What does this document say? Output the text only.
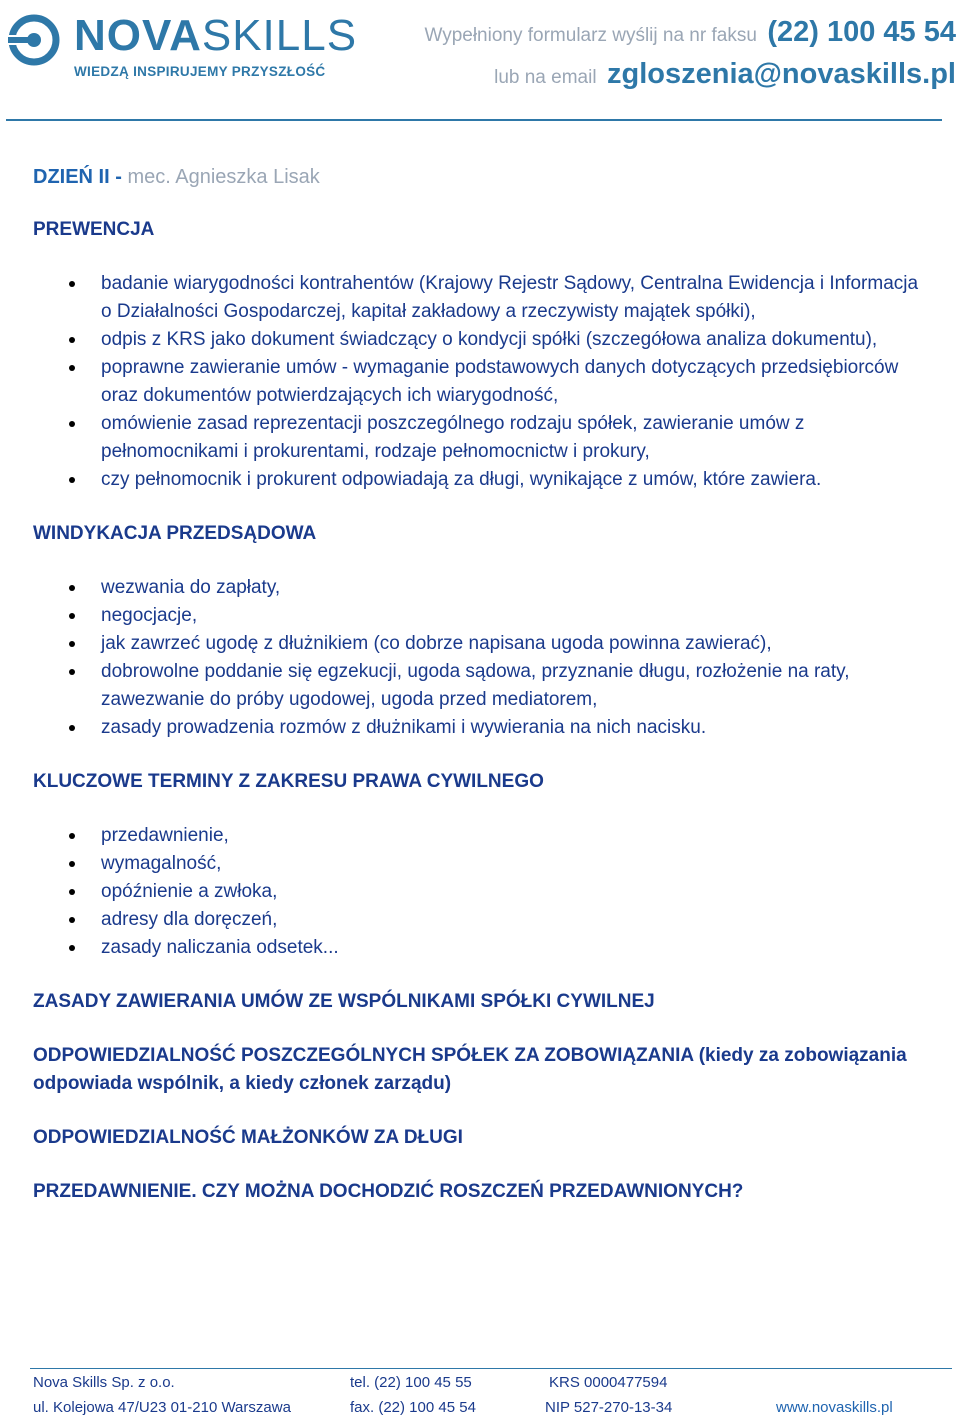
NOVASKILLS
WIEDZĄ INSPIRUJEMY PRZYSZŁOŚĆ
Wypełniony formularz wyślij na nr faksu (22) 100 45 54
lub na email zgloszenia@novaskills.pl
DZIEŃ II - mec. Agnieszka Lisak
PREWENCJA
badanie wiarygodności kontrahentów (Krajowy Rejestr Sądowy, Centralna Ewidencja i Informacja o Działalności Gospodarczej, kapitał zakładowy a rzeczywisty majątek spółki),
odpis z KRS jako dokument świadczący o kondycji spółki (szczegółowa analiza dokumentu),
poprawne zawieranie umów - wymaganie podstawowych danych dotyczących przedsiębiorców oraz dokumentów potwierdzających ich wiarygodność,
omówienie zasad reprezentacji poszczególnego rodzaju spółek, zawieranie umów z pełnomocnikami i prokurentami, rodzaje pełnomocnictw i prokury,
czy pełnomocnik i prokurent odpowiadają za długi, wynikające z umów, które zawiera.
WINDYKACJA PRZEDSĄDOWA
wezwania do zapłaty,
negocjacje,
jak zawrzeć ugodę z dłużnikiem (co dobrze napisana ugoda powinna zawierać),
dobrowolne poddanie się egzekucji, ugoda sądowa, przyznanie długu, rozłożenie na raty, zawezwanie do próby ugodowej, ugoda przed mediatorem,
zasady prowadzenia rozmów z dłużnikami i wywierania na nich nacisku.
KLUCZOWE TERMINY Z ZAKRESU PRAWA CYWILNEGO
przedawnienie,
wymagalność,
opóźnienie a zwłoka,
adresy dla doręczeń,
zasady naliczania odsetek...
ZASADY ZAWIERANIA UMÓW ZE WSPÓLNIKAMI SPÓŁKI CYWILNEJ
ODPOWIEDZIALNOŚĆ POSZCZEGÓLNYCH SPÓŁEK ZA ZOBOWIĄZANIA (kiedy za zobowiązania odpowiada wspólnik, a kiedy członek zarządu)
ODPOWIEDZIALNOŚĆ MAŁŻONKÓW ZA DŁUGI
PRZEDAWNIENIE. CZY MOŻNA DOCHODZIĆ ROSZCZEŃ PRZEDAWNIONYCH?
Nova Skills Sp. z o.o.
ul. Kolejowa 47/U23 01-210 Warszawa
tel. (22) 100 45 55
fax. (22) 100 45 54
KRS 0000477594
NIP 527-270-13-34	www.novaskills.pl
